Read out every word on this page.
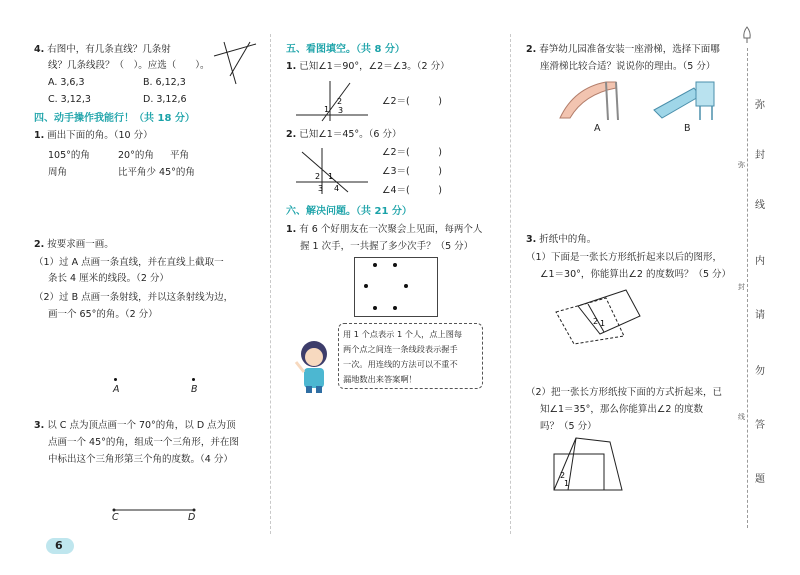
4. 右图中，有几条直线？几条射
线？几条线段？（　）。应选（　　）。
A. 3,6,3	B. 6,12,3
C. 3,12,3	D. 3,12,6
四、动手操作我能行！（共 18 分）
1. 画出下面的角。（10 分）
105°的角	20°的角 平角
周角	比平角少 45°的角
2. 按要求画一画。
（1）过 A 点画一条直线，并在直线上截取一
条长 4 厘米的线段。（2 分）
（2）过 B 点画一条射线，并以这条射线为边，
画一个 65°的角。（2 分）
A	B
3. 以 C 点为顶点画一个 70°的角，以 D 点为顶
点画一个 45°的角，组成一个三角形，并在图
中标出这个三角形第三个角的度数。（4 分）
C	D
五、看图填空。（共 8 分）
1. 已知∠1＝90°，∠2＝∠3。（2 分）
1
2
3
∠2＝(　　　)
2. 已知∠1＝45°。（6 分）
1
2
3 4
∠2＝(　　　)
∠3＝(　　　)
∠4＝(　　　)
六、解决问题。（共 21 分）
1. 有 6 个好朋友在一次聚会上见面，每两个人
握 1 次手，一共握了多少次手？（5 分）
用 1 个点表示 1 个人，点上图每
两个点之间连一条线段表示握手
一次。用连线的方法可以不重不
漏地数出来答案啊！
2. 春笋幼儿园准备安装一座滑梯，选择下面哪
座滑梯比较合适？说说你的理由。（5 分）
A	B
3. 折纸中的角。
（1）下面是一张长方形纸折起来以后的图形，
∠1＝30°，你能算出∠2 的度数吗？（5 分）
2 1
（2）把一张长方形纸按下面的方式折起来，已
知∠1＝35°，那么你能算出∠2 的度数
吗？（5 分）
2
1
弥
封
线
内
请
勿
答
题
弥
封
线
6
